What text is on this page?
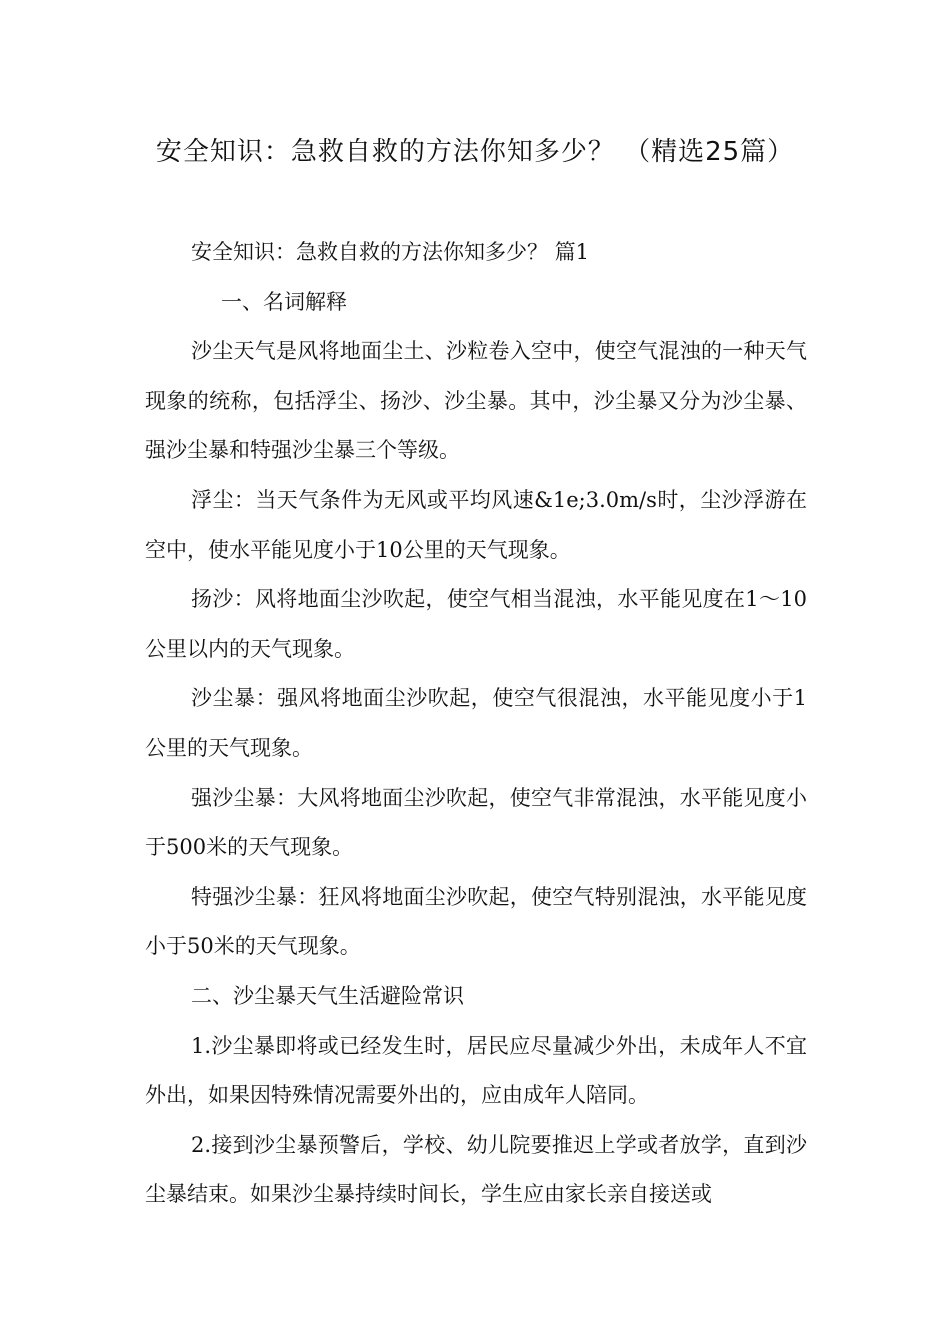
安全知识：急救自救的方法你知多少？ （精选25篇）

安全知识：急救自救的方法你知多少？ 篇1

一、名词解释

沙尘天气是风将地面尘土、沙粒卷入空中，使空气混浊的一种天气现象的统称，包括浮尘、扬沙、沙尘暴。其中，沙尘暴又分为沙尘暴、强沙尘暴和特强沙尘暴三个等级。

浮尘：当天气条件为无风或平均风速&1e;3.0m/s时，尘沙浮游在空中，使水平能见度小于10公里的天气现象。

扬沙：风将地面尘沙吹起，使空气相当混浊，水平能见度在1～10公里以内的天气现象。

沙尘暴：强风将地面尘沙吹起，使空气很混浊，水平能见度小于1公里的天气现象。

强沙尘暴：大风将地面尘沙吹起，使空气非常混浊，水平能见度小于500米的天气现象。

特强沙尘暴：狂风将地面尘沙吹起，使空气特别混浊，水平能见度小于50米的天气现象。

二、沙尘暴天气生活避险常识

1.沙尘暴即将或已经发生时，居民应尽量减少外出，未成年人不宜外出，如果因特殊情况需要外出的，应由成年人陪同。

2.接到沙尘暴预警后，学校、幼儿院要推迟上学或者放学，直到沙尘暴结束。如果沙尘暴持续时间长，学生应由家长亲自接送或
